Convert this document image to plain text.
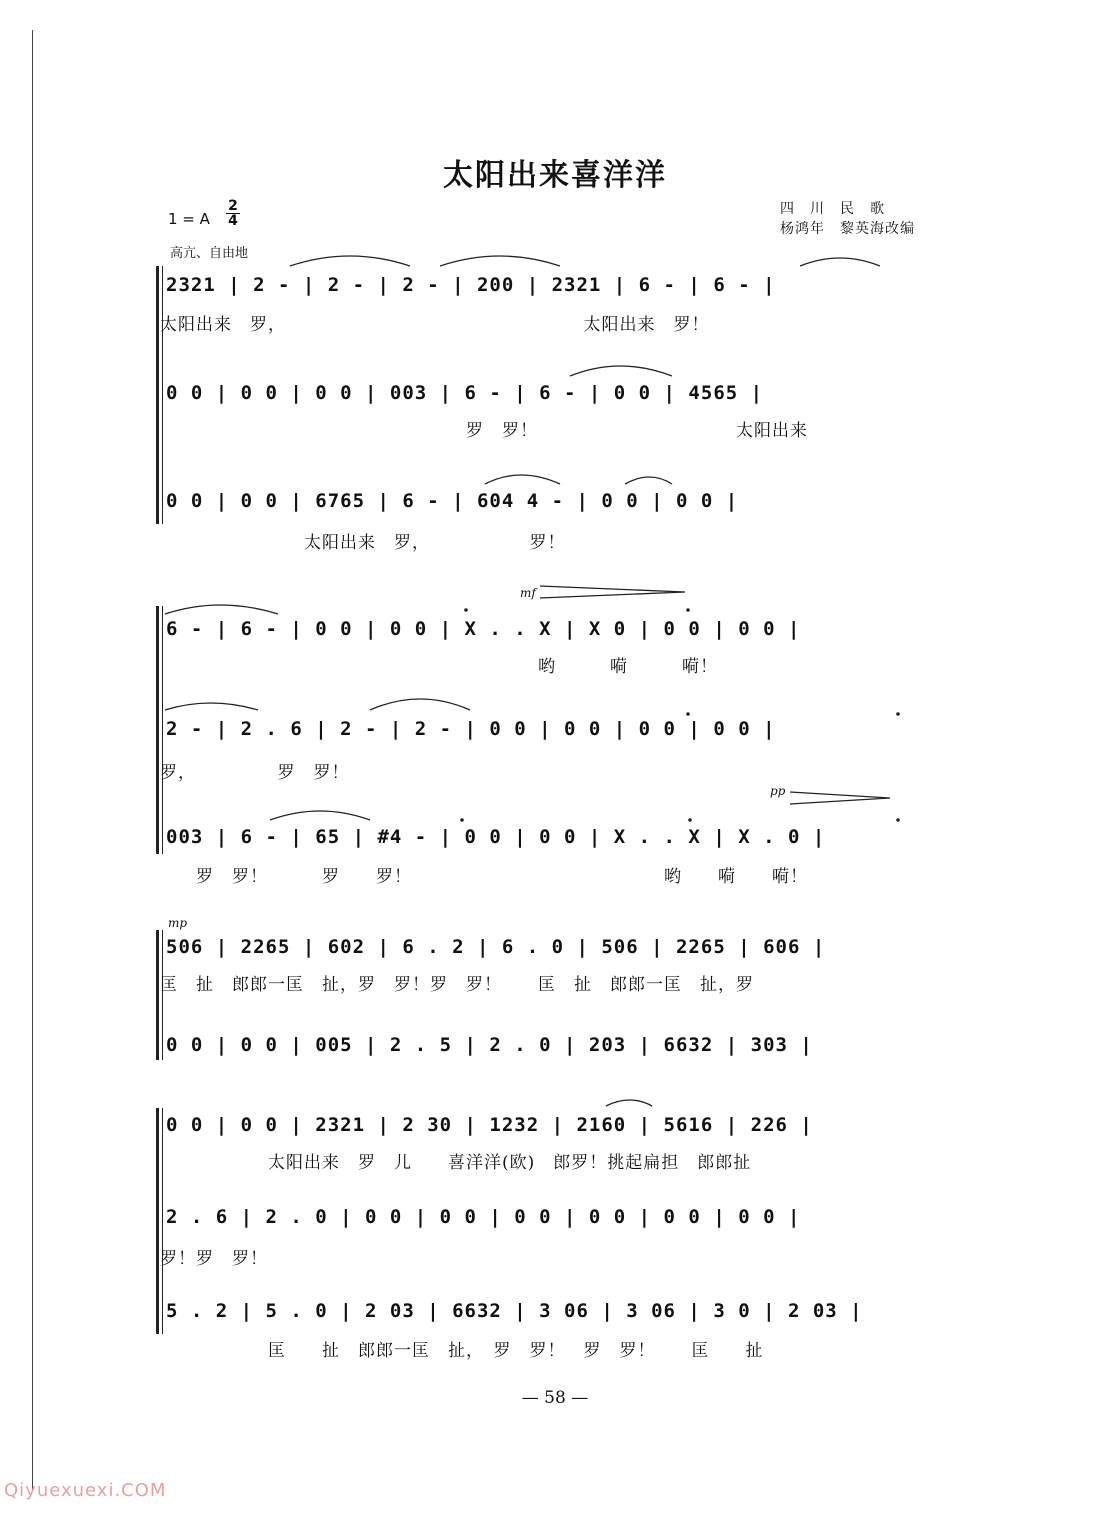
太阳出来喜洋洋
1 = A
2
4
高亢、自由地
四　川　民　歌
杨鸿年　黎英海改编
2321 | 2 - | 2 - | 2 - | 200 | 2321 | 6 - | 6 - |
太阳出来　罗，　　　　　　　　　　　　　　　　　太阳出来　罗！
0 0 | 0 0 | 0 0 | 003 | 6 - | 6 - | 0 0 | 4565 |
　　　　　　　　　　　　　　　　　罗　罗！　　　　　　　　　　　太阳出来
0 0 | 0 0 | 6765 | 6 - | 604 4 - | 0 0 | 0 0 |
　　　　　　　　太阳出来　罗，　　　　　　罗！
mf
6 - | 6 - | 0 0 | 0 0 | X . . X | X 0 | 0 0 | 0 0 |
　　　　　　　　　　　　　　　　　　　　　哟　　　嗬　　　嗬！
2 - | 2 . 6 | 2 - | 2 - | 0 0 | 0 0 | 0 0 | 0 0 |
罗，　　　　　罗　罗！
pp
003 | 6 - | 65 | #4 - | 0 0 | 0 0 | X . . X | X . 0 |
　　罗　罗！　　　罗　　罗！　　　　　　　　　　　　　　哟　　嗬　　嗬！
mp
506 | 2265 | 602 | 6 . 2 | 6 . 0 | 506 | 2265 | 606 |
匡　扯　郎郎一匡　扯，罗　罗！罗　罗！　　匡　扯　郎郎一匡　扯，罗
0 0 | 0 0 | 005 | 2 . 5 | 2 . 0 | 203 | 6632 | 303 |
0 0 | 0 0 | 2321 | 2 30 | 1232 | 2160 | 5616 | 226 |
　　　　　　太阳出来　罗　儿　　喜洋洋(欧)　郎罗！挑起扁担　郎郎扯
2 . 6 | 2 . 0 | 0 0 | 0 0 | 0 0 | 0 0 | 0 0 | 0 0 |
罗！罗　罗！
5 . 2 | 5 . 0 | 2 03 | 6632 | 3 06 | 3 06 | 3 0 | 2 03 |
　　　　　　匡　　扯　郎郎一匡　扯，　罗　罗！　罗　罗！　　匡　　扯
— 58 —
Qiyuexuexi.COM
